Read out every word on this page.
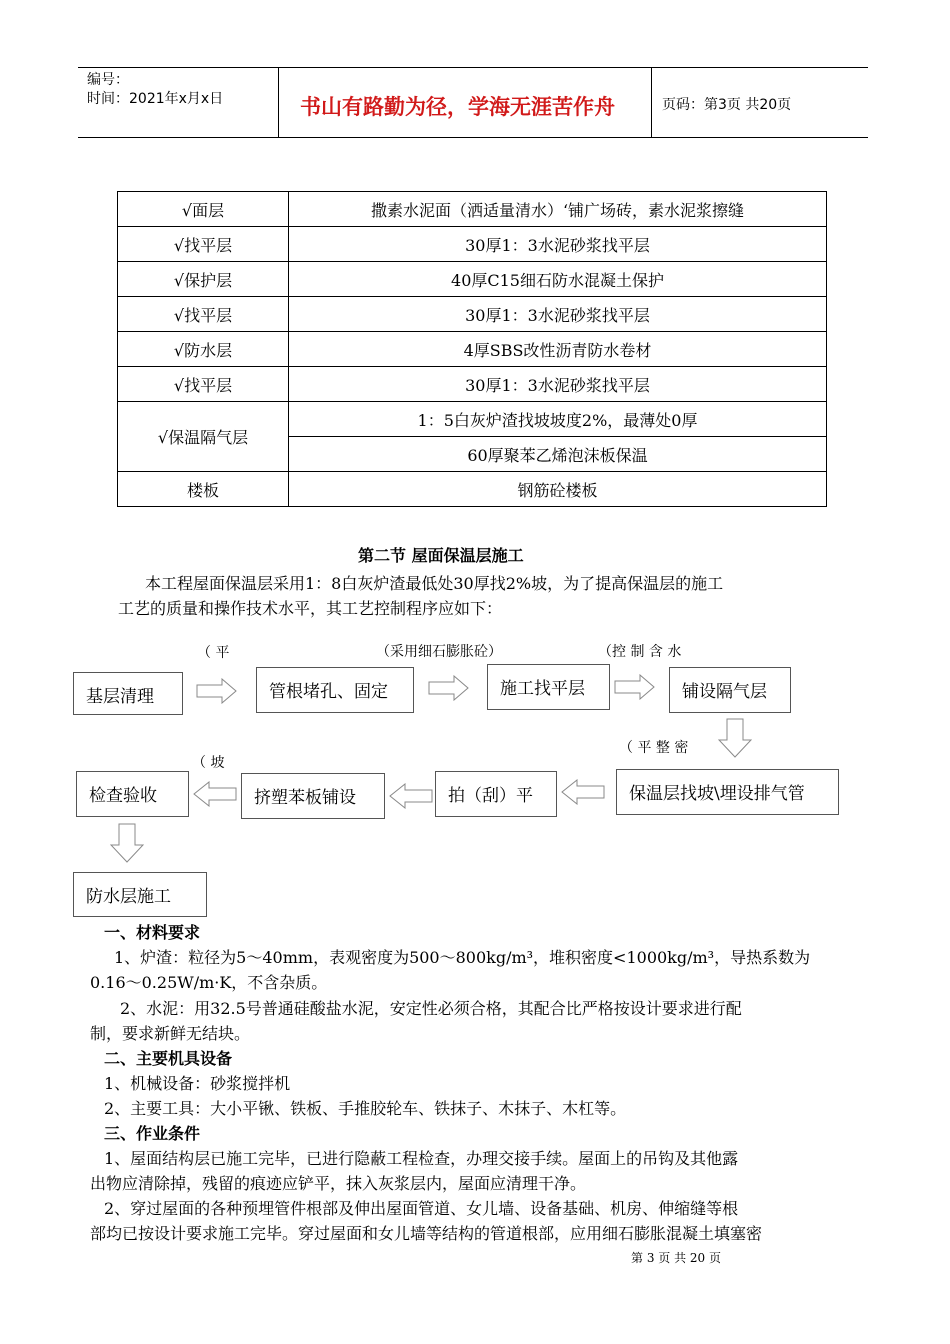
编号：
时间：2021年x月x日	书山有路勤为径，学海无涯苦作舟	页码：第3页 共20页
√面层	撒素水泥面（洒适量清水）‘铺广场砖，素水泥浆擦缝
√找平层	30厚1：3水泥砂浆找平层
√保护层	40厚C15细石防水混凝土保护
√找平层	30厚1：3水泥砂浆找平层
√防水层	4厚SBS改性沥青防水卷材
√找平层	30厚1：3水泥砂浆找平层
√保温隔气层	1：5白灰炉渣找坡坡度2%，最薄处0厚
	60厚聚苯乙烯泡沫板保温
楼板	钢筋砼楼板
第二节 屋面保温层施工
本工程屋面保温层采用1：8白灰炉渣最低处30厚找2%坡，为了提高保温层的施工
工艺的质量和操作技术水平，其工艺控制程序应如下：
（ 平	（采用细石膨胀砼）	（控 制 含 水
（ 平 整 密
（ 坡
基层清理	管根堵孔、固定	施工找平层	铺设隔气层
保温层找坡\埋设排气管
拍（刮）平
挤塑苯板铺设
检查验收
防水层施工
一、材料要求
1、炉渣：粒径为5～40mm，表观密度为500～800kg/m³，堆积密度<1000kg/m³，导热系数为
0.16～0.25W/m·K，不含杂质。
2、水泥：用32.5号普通硅酸盐水泥，安定性必须合格，其配合比严格按设计要求进行配
制，要求新鲜无结块。
二、主要机具设备
1、机械设备：砂浆搅拌机
2、主要工具：大小平锹、铁板、手推胶轮车、铁抹子、木抹子、木杠等。
三、作业条件
1、屋面结构层已施工完毕，已进行隐蔽工程检查，办理交接手续。屋面上的吊钩及其他露
出物应清除掉，残留的痕迹应铲平，抹入灰浆层内，屋面应清理干净。
2、穿过屋面的各种预埋管件根部及伸出屋面管道、女儿墙、设备基础、机房、伸缩缝等根
部均已按设计要求施工完毕。穿过屋面和女儿墙等结构的管道根部，应用细石膨胀混凝土填塞密
第 3 页 共 20 页
